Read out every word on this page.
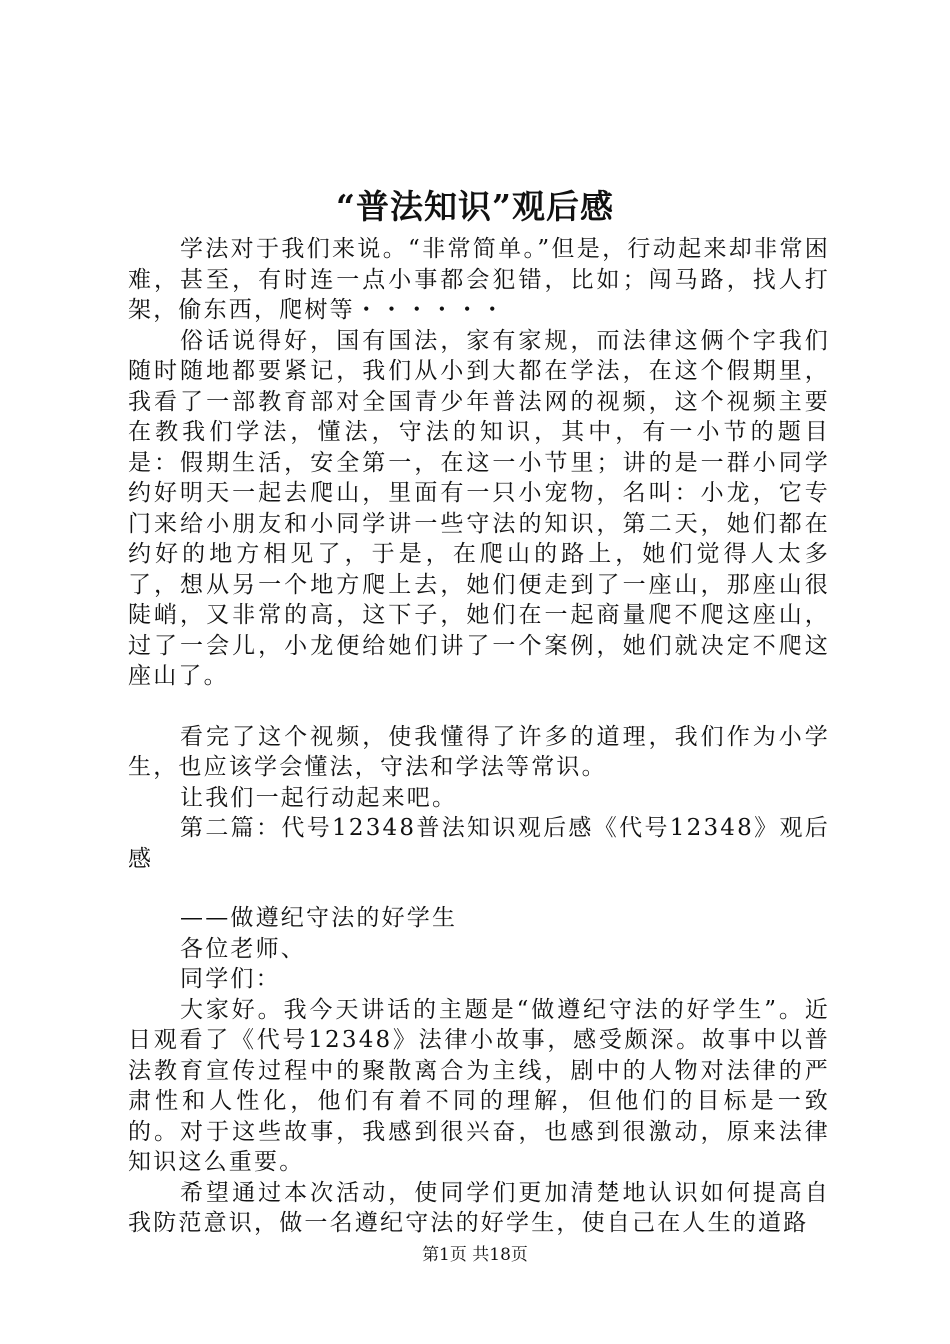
“普法知识”观后感

学法对于我们来说。“非常简单。”但是，行动起来却非常困难，甚至，有时连一点小事都会犯错，比如；闯马路，找人打架，偷东西，爬树等・・・・・・

俗话说得好，国有国法，家有家规，而法律这俩个字我们随时随地都要紧记，我们从小到大都在学法，在这个假期里，我看了一部教育部对全国青少年普法网的视频，这个视频主要在教我们学法，懂法，守法的知识，其中，有一小节的题目是：假期生活，安全第一，在这一小节里；讲的是一群小同学约好明天一起去爬山，里面有一只小宠物，名叫：小龙，它专门来给小朋友和小同学讲一些守法的知识，第二天，她们都在约好的地方相见了，于是，在爬山的路上，她们觉得人太多了，想从另一个地方爬上去，她们便走到了一座山，那座山很陡峭，又非常的高，这下子，她们在一起商量爬不爬这座山，过了一会儿，小龙便给她们讲了一个案例，她们就决定不爬这座山了。

看完了这个视频，使我懂得了许多的道理，我们作为小学生，也应该学会懂法，守法和学法等常识。

让我们一起行动起来吧。

第二篇：代号12348普法知识观后感《代号12348》观后感

——做遵纪守法的好学生

各位老师、

同学们：

大家好。我今天讲话的主题是“做遵纪守法的好学生”。近日观看了《代号12348》法律小故事，感受颇深。故事中以普法教育宣传过程中的聚散离合为主线，剧中的人物对法律的严肃性和人性化，他们有着不同的理解，但他们的目标是一致的。对于这些故事，我感到很兴奋，也感到很激动，原来法律知识这么重要。

希望通过本次活动，使同学们更加清楚地认识如何提高自我防范意识，做一名遵纪守法的好学生，使自己在人生的道路

第1页 共18页
